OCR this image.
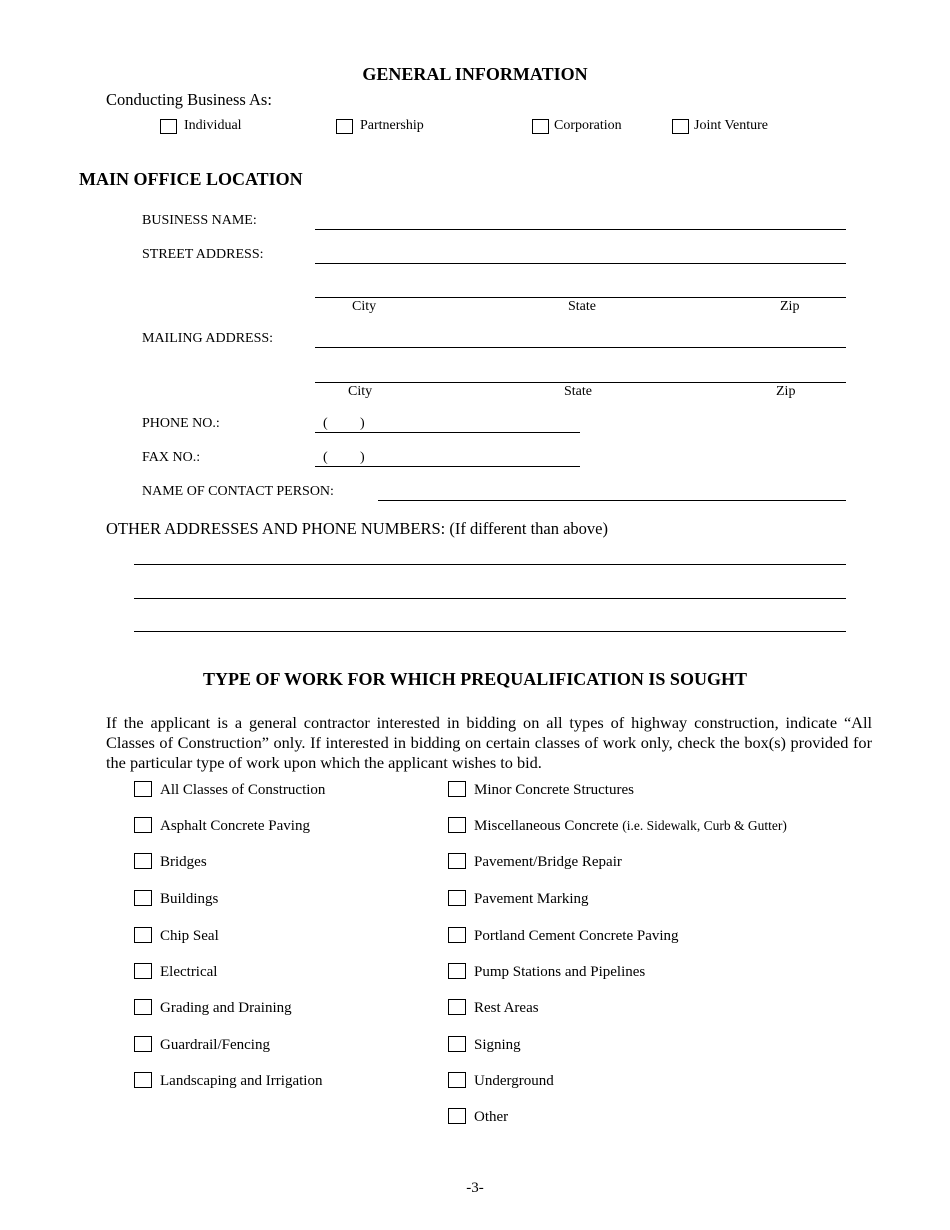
GENERAL INFORMATION
Conducting Business As:
Individual	Partnership	Corporation	Joint Venture
MAIN OFFICE LOCATION
BUSINESS NAME:
STREET ADDRESS:
City	State	Zip
MAILING ADDRESS:
City	State	Zip
PHONE NO.:	( )
FAX NO.:	( )
NAME OF CONTACT PERSON:
OTHER ADDRESSES AND PHONE NUMBERS: (If different than above)
TYPE OF WORK FOR WHICH PREQUALIFICATION IS SOUGHT
If the applicant is a general contractor interested in bidding on all types of highway construction, indicate “All Classes of Construction” only. If interested in bidding on certain classes of work only, check the box(s) provided for the particular type of work upon which the applicant wishes to bid.
All Classes of Construction
Asphalt Concrete Paving
Bridges
Buildings
Chip Seal
Electrical
Grading and Draining
Guardrail/Fencing
Landscaping and Irrigation
Minor Concrete Structures
Miscellaneous Concrete (i.e. Sidewalk, Curb & Gutter)
Pavement/Bridge Repair
Pavement Marking
Portland Cement Concrete Paving
Pump Stations and Pipelines
Rest Areas
Signing
Underground
Other
-3-
